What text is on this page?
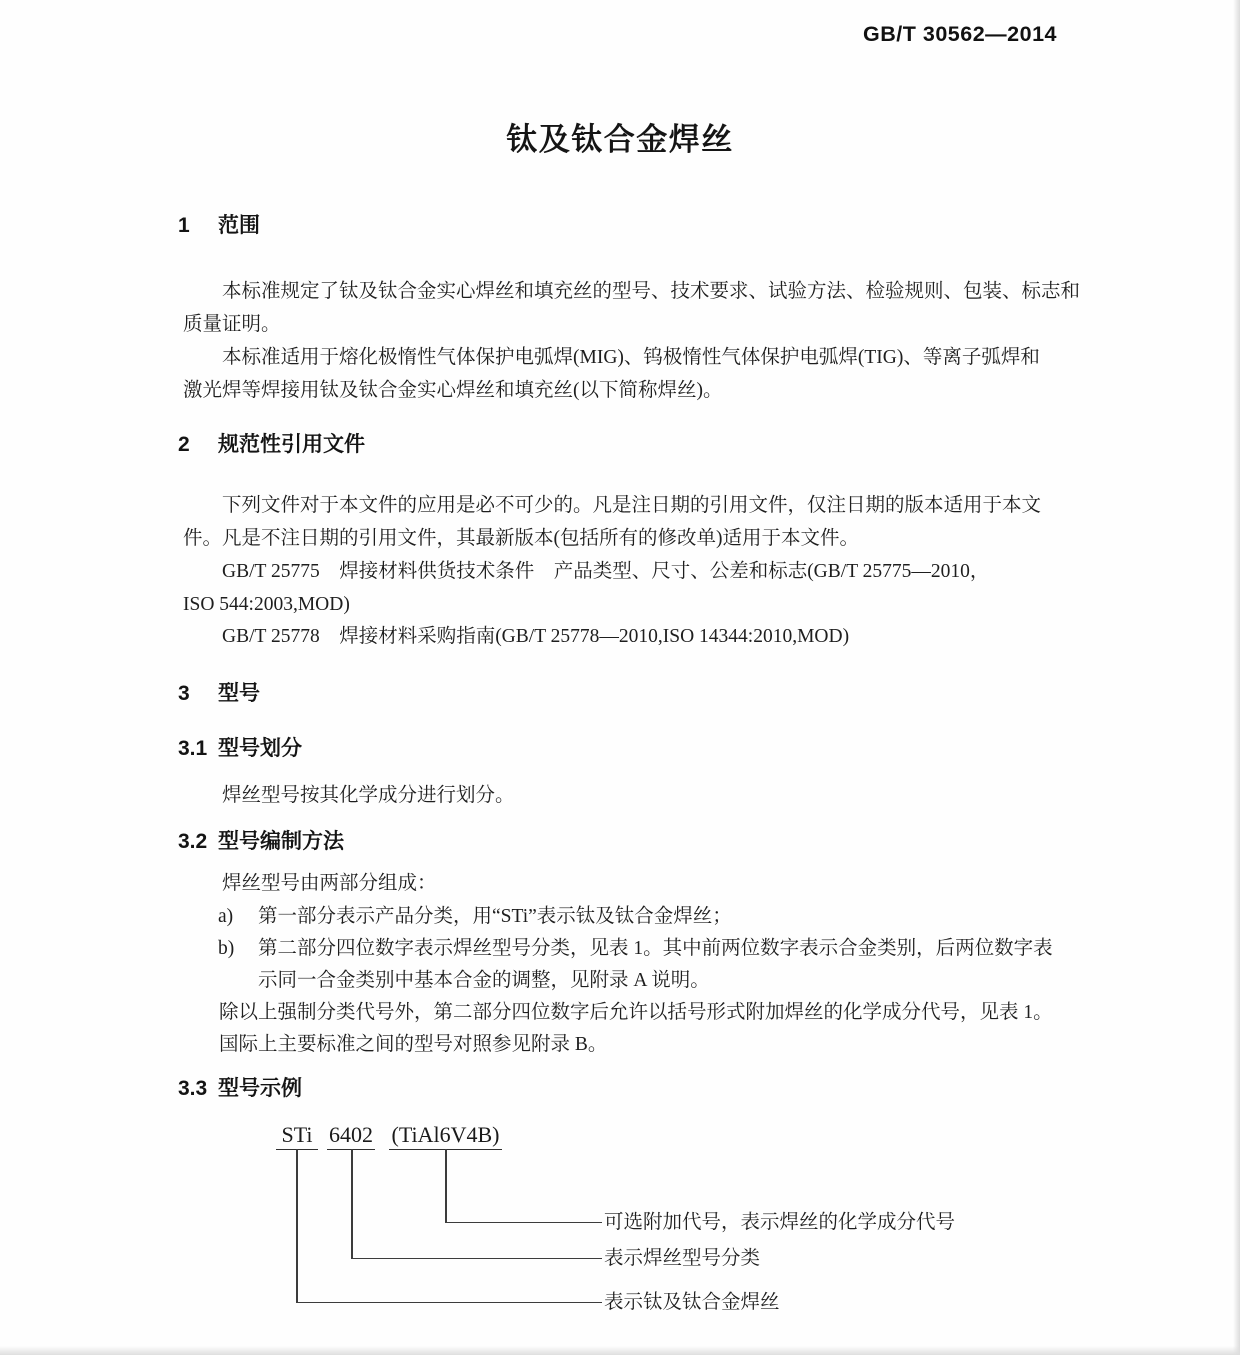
GB/T 30562—2014
钛及钛合金焊丝
1 范围
本标准规定了钛及钛合金实心焊丝和填充丝的型号、技术要求、试验方法、检验规则、包装、标志和
质量证明。
本标准适用于熔化极惰性气体保护电弧焊(MIG)、钨极惰性气体保护电弧焊(TIG)、等离子弧焊和
激光焊等焊接用钛及钛合金实心焊丝和填充丝(以下简称焊丝)。
2 规范性引用文件
下列文件对于本文件的应用是必不可少的。凡是注日期的引用文件，仅注日期的版本适用于本文
件。凡是不注日期的引用文件，其最新版本(包括所有的修改单)适用于本文件。
GB/T 25775　焊接材料供货技术条件　产品类型、尺寸、公差和标志(GB/T 25775—2010，
ISO 544:2003,MOD)
GB/T 25778　焊接材料采购指南(GB/T 25778—2010,ISO 14344:2010,MOD)
3 型号
3.1 型号划分
焊丝型号按其化学成分进行划分。
3.2 型号编制方法
焊丝型号由两部分组成：
a) 第一部分表示产品分类，用“STi”表示钛及钛合金焊丝；
b) 第二部分四位数字表示焊丝型号分类，见表 1。其中前两位数字表示合金类别，后两位数字表
示同一合金类别中基本合金的调整，见附录 A 说明。
除以上强制分类代号外，第二部分四位数字后允许以括号形式附加焊丝的化学成分代号，见表 1。
国际上主要标准之间的型号对照参见附录 B。
3.3 型号示例
STi 6402 (TiAl6V4B)
可选附加代号，表示焊丝的化学成分代号
表示焊丝型号分类
表示钛及钛合金焊丝
